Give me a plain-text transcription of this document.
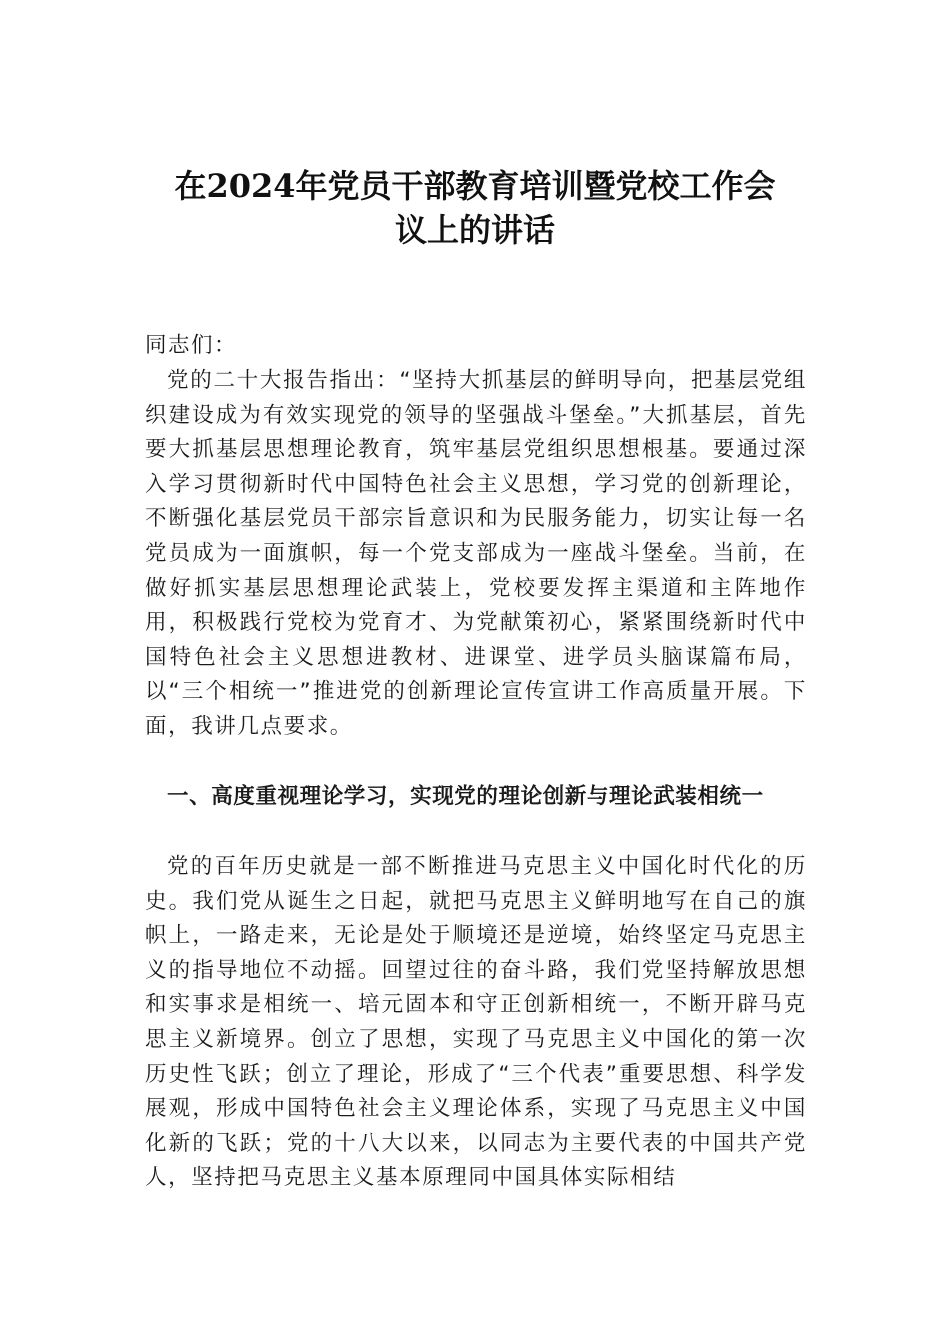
在2024年党员干部教育培训暨党校工作会
议上的讲话

同志们：

党的二十大报告指出：“坚持大抓基层的鲜明导向，把基层党组织建设成为有效实现党的领导的坚强战斗堡垒。”大抓基层，首先要大抓基层思想理论教育，筑牢基层党组织思想根基。要通过深入学习贯彻新时代中国特色社会主义思想，学习党的创新理论，不断强化基层党员干部宗旨意识和为民服务能力，切实让每一名党员成为一面旗帜，每一个党支部成为一座战斗堡垒。当前，在做好抓实基层思想理论武装上，党校要发挥主渠道和主阵地作用，积极践行党校为党育才、为党献策初心，紧紧围绕新时代中国特色社会主义思想进教材、进课堂、进学员头脑谋篇布局，以“三个相统一”推进党的创新理论宣传宣讲工作高质量开展。下面，我讲几点要求。

一、高度重视理论学习，实现党的理论创新与理论武装相统一

党的百年历史就是一部不断推进马克思主义中国化时代化的历史。我们党从诞生之日起，就把马克思主义鲜明地写在自己的旗帜上，一路走来，无论是处于顺境还是逆境，始终坚定马克思主义的指导地位不动摇。回望过往的奋斗路，我们党坚持解放思想和实事求是相统一、培元固本和守正创新相统一，不断开辟马克思主义新境界。创立了思想，实现了马克思主义中国化的第一次历史性飞跃；创立了理论，形成了“三个代表”重要思想、科学发展观，形成中国特色社会主义理论体系，实现了马克思主义中国化新的飞跃；党的十八大以来，以同志为主要代表的中国共产党人，坚持把马克思主义基本原理同中国具体实际相结
